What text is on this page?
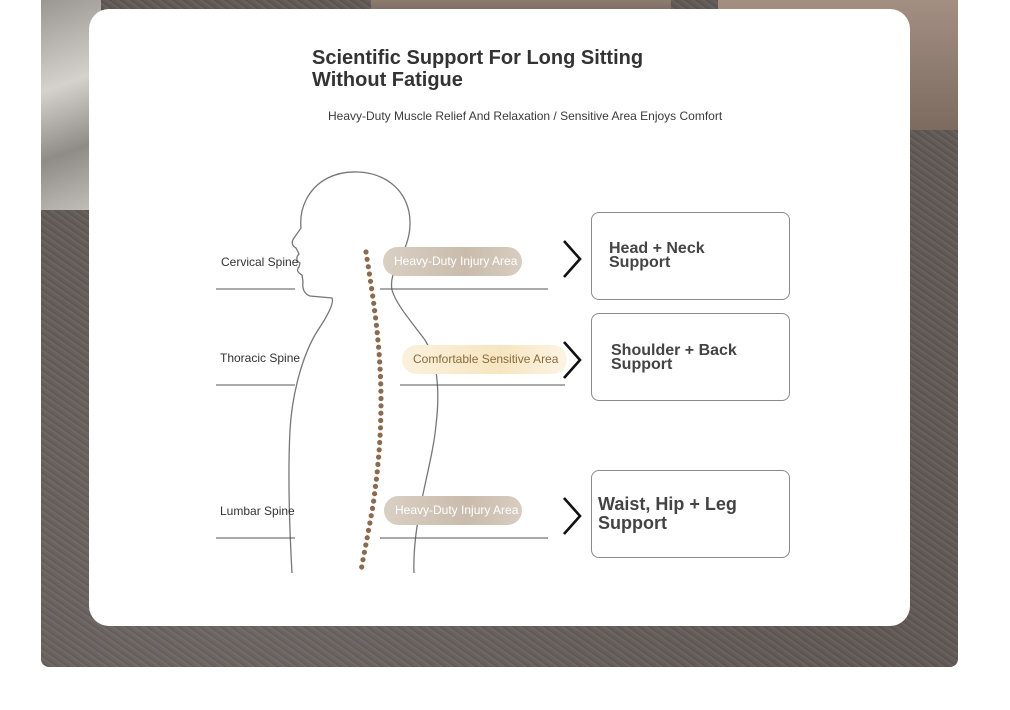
Scientific Support For Long Sitting
Without Fatigue
Heavy-Duty Muscle Relief And Relaxation / Sensitive Area Enjoys Comfort
Cervical Spine
Thoracic Spine
Lumbar Spine
Heavy-Duty Injury Area
Comfortable Sensitive Area
Heavy-Duty Injury Area
Head + Neck
Support
Shoulder + Back
Support
Waist, Hip + Leg
Support
